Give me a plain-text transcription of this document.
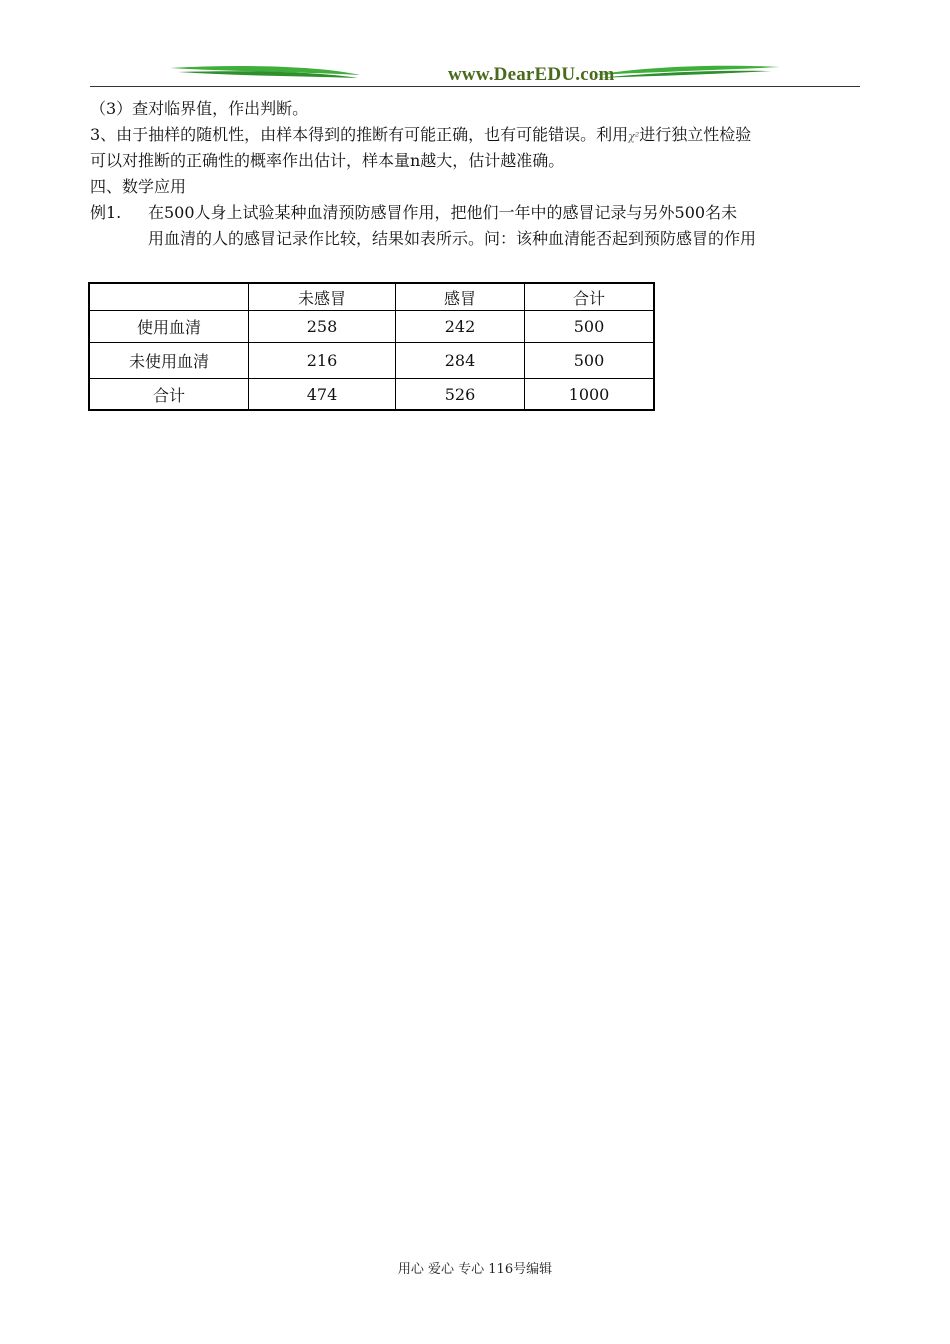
www.DearEDU.com
（3）查对临界值，作出判断。
3、由于抽样的随机性，由样本得到的推断有可能正确，也有可能错误。利用χ²进行独立性检验
可以对推断的正确性的概率作出估计，样本量n越大，估计越准确。
四、数学应用
例1.	在500人身上试验某种血清预防感冒作用，把他们一年中的感冒记录与另外500名未
用血清的人的感冒记录作比较，结果如表所示。问：该种血清能否起到预防感冒的作用
	未感冒	感冒	合计
使用血清	258	242	500
未使用血清	216	284	500
合计	474	526	1000
用心 爱心 专心 116号编辑
